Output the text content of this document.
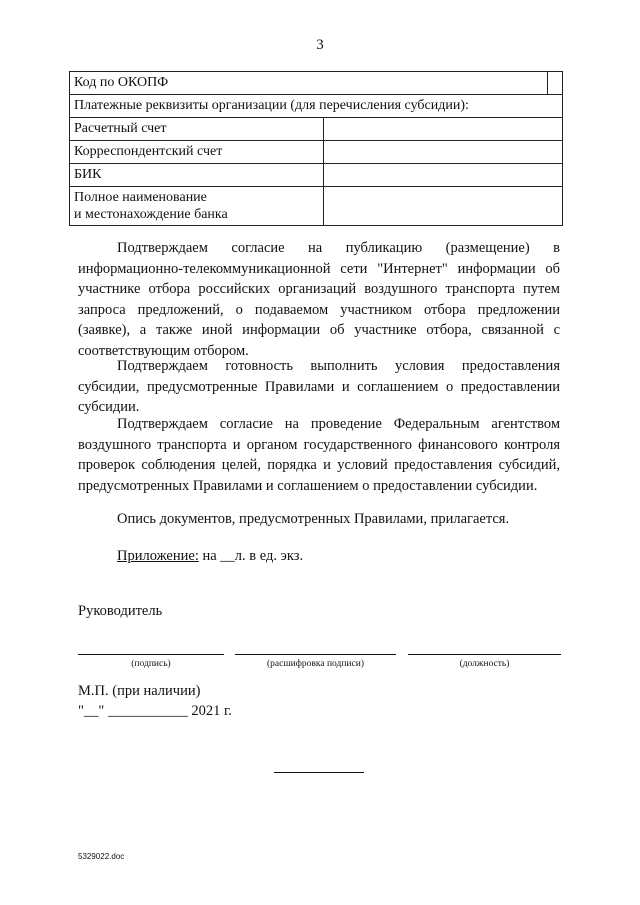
3
Код по ОКОПФ		
Платежные реквизиты организации (для перечисления субсидии):		
Расчетный счет		
Корреспондентский счет		
БИК		
Полное наименование
и местонахождение банка		

Подтверждаем согласие на публикацию (размещение) в информационно-телекоммуникационной сети "Интернет" информации об участнике отбора российских организаций воздушного транспорта путем запроса предложений, о подаваемом участником отбора предложении (заявке), а также иной информации об участнике отбора, связанной с соответствующим отбором.

Подтверждаем готовность выполнить условия предоставления субсидии, предусмотренные Правилами и соглашением о предоставлении субсидии.

Подтверждаем согласие на проведение Федеральным агентством воздушного транспорта и органом государственного финансового контроля проверок соблюдения целей, порядка и условий предоставления субсидий, предусмотренных Правилами и соглашением о предоставлении субсидии.

Опись документов, предусмотренных Правилами, прилагается.

Приложение: на __л. в ед. экз.
Руководитель
(подпись)	(расшифровка подписи)	(должность)
М.П. (при наличии)
"__" ___________ 2021 г.
5329022.doc
